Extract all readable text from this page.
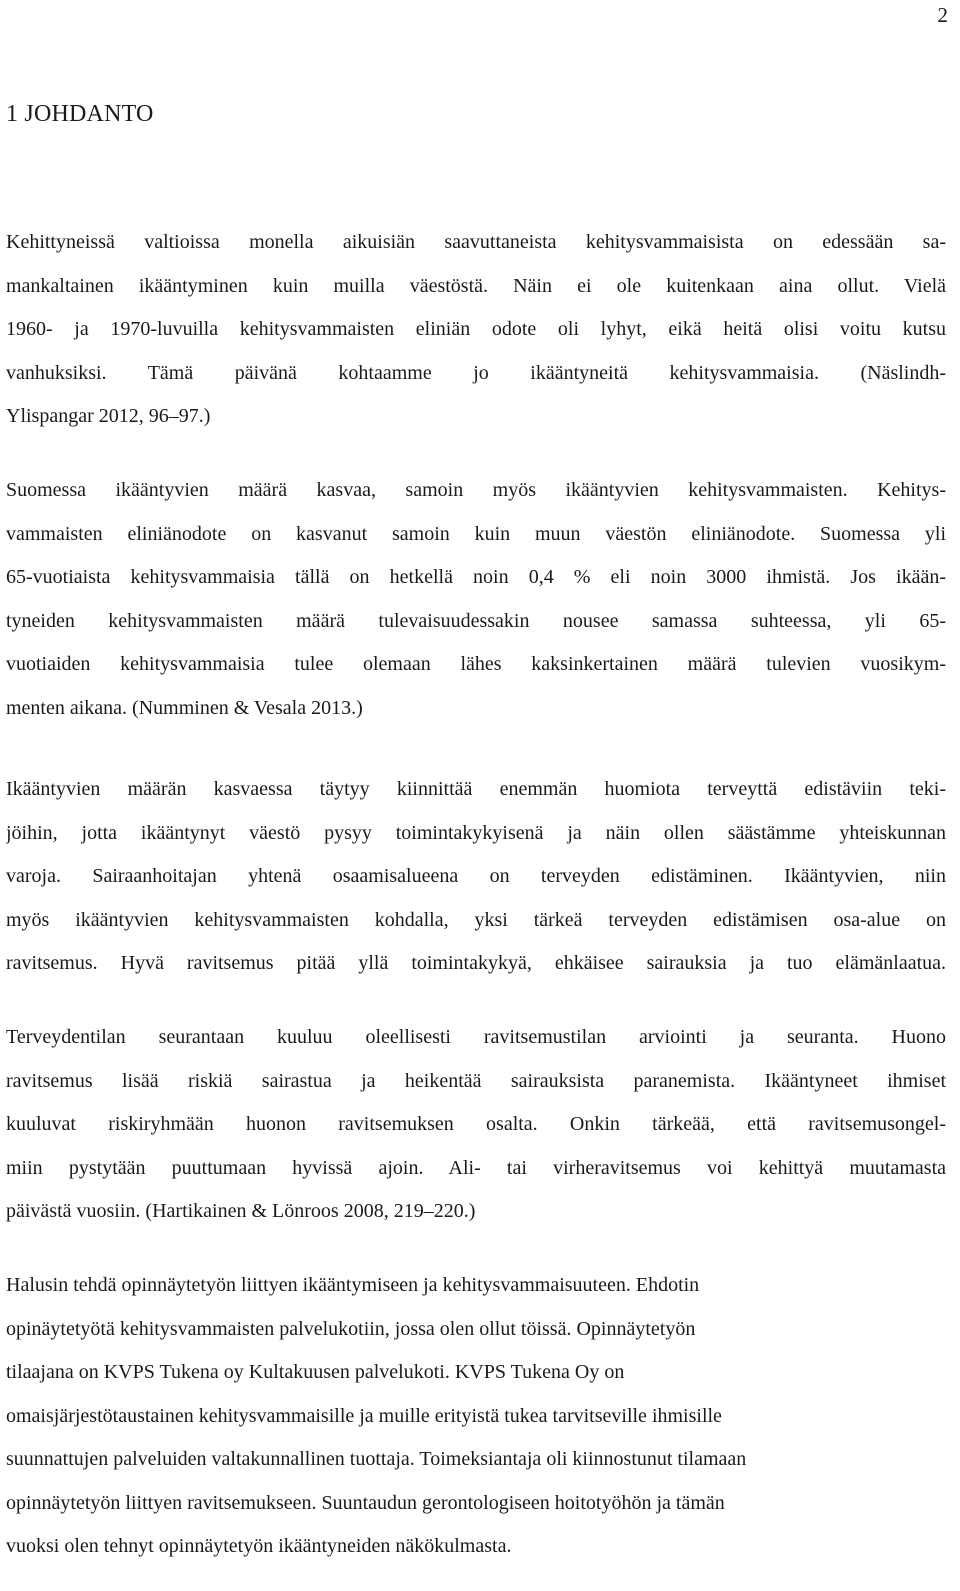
2
1 JOHDANTO
Kehittyneissä valtioissa monella aikuisiän saavuttaneista kehitysvammaisista on edessään sa-
mankaltainen ikääntyminen kuin muilla väestöstä. Näin ei ole kuitenkaan aina ollut. Vielä
1960- ja 1970-luvuilla kehitysvammaisten eliniän odote oli lyhyt, eikä heitä olisi voitu kutsu
vanhuksiksi. Tämä päivänä kohtaamme jo ikääntyneitä kehitysvammaisia. (Näslindh-
Ylispangar 2012, 96–97.)
Suomessa ikääntyvien määrä kasvaa, samoin myös ikääntyvien kehitysvammaisten. Kehitys-
vammaisten eliniänodote on kasvanut samoin kuin muun väestön eliniänodote. Suomessa yli
65-vuotiaista kehitysvammaisia tällä on hetkellä noin 0,4 % eli noin 3000 ihmistä. Jos ikään-
tyneiden kehitysvammaisten määrä tulevaisuudessakin nousee samassa suhteessa, yli 65-
vuotiaiden kehitysvammaisia tulee olemaan lähes kaksinkertainen määrä tulevien vuosikym-
menten aikana. (Numminen & Vesala 2013.)
Ikääntyvien määrän kasvaessa täytyy kiinnittää enemmän huomiota terveyttä edistäviin teki-
jöihin, jotta ikääntynyt väestö pysyy toimintakykyisenä ja näin ollen säästämme yhteiskunnan
varoja. Sairaanhoitajan yhtenä osaamisalueena on terveyden edistäminen. Ikääntyvien, niin
myös ikääntyvien kehitysvammaisten kohdalla, yksi tärkeä terveyden edistämisen osa-alue on
ravitsemus. Hyvä ravitsemus pitää yllä toimintakykyä, ehkäisee sairauksia ja tuo elämänlaatua.
Terveydentilan seurantaan kuuluu oleellisesti ravitsemustilan arviointi ja seuranta. Huono
ravitsemus lisää riskiä sairastua ja heikentää sairauksista paranemista. Ikääntyneet ihmiset
kuuluvat riskiryhmään huonon ravitsemuksen osalta. Onkin tärkeää, että ravitsemusongel-
miin pystytään puuttumaan hyvissä ajoin. Ali- tai virheravitsemus voi kehittyä muutamasta
päivästä vuosiin. (Hartikainen & Lönroos 2008, 219–220.)
Halusin tehdä opinnäytetyön liittyen ikääntymiseen ja kehitysvammaisuuteen. Ehdotin
opinäytetyötä kehitysvammaisten palvelukotiin, jossa olen ollut töissä. Opinnäytetyön
tilaajana on KVPS Tukena oy Kultakuusen palvelukoti. KVPS Tukena Oy on
omaisjärjestötaustainen kehitysvammaisille ja muille erityistä tukea tarvitseville ihmisille
suunnattujen palveluiden valtakunnallinen tuottaja. Toimeksiantaja oli kiinnostunut tilamaan
opinnäytetyön liittyen ravitsemukseen. Suuntaudun gerontologiseen hoitotyöhön ja tämän
vuoksi olen tehnyt opinnäytetyön ikääntyneiden näkökulmasta.
